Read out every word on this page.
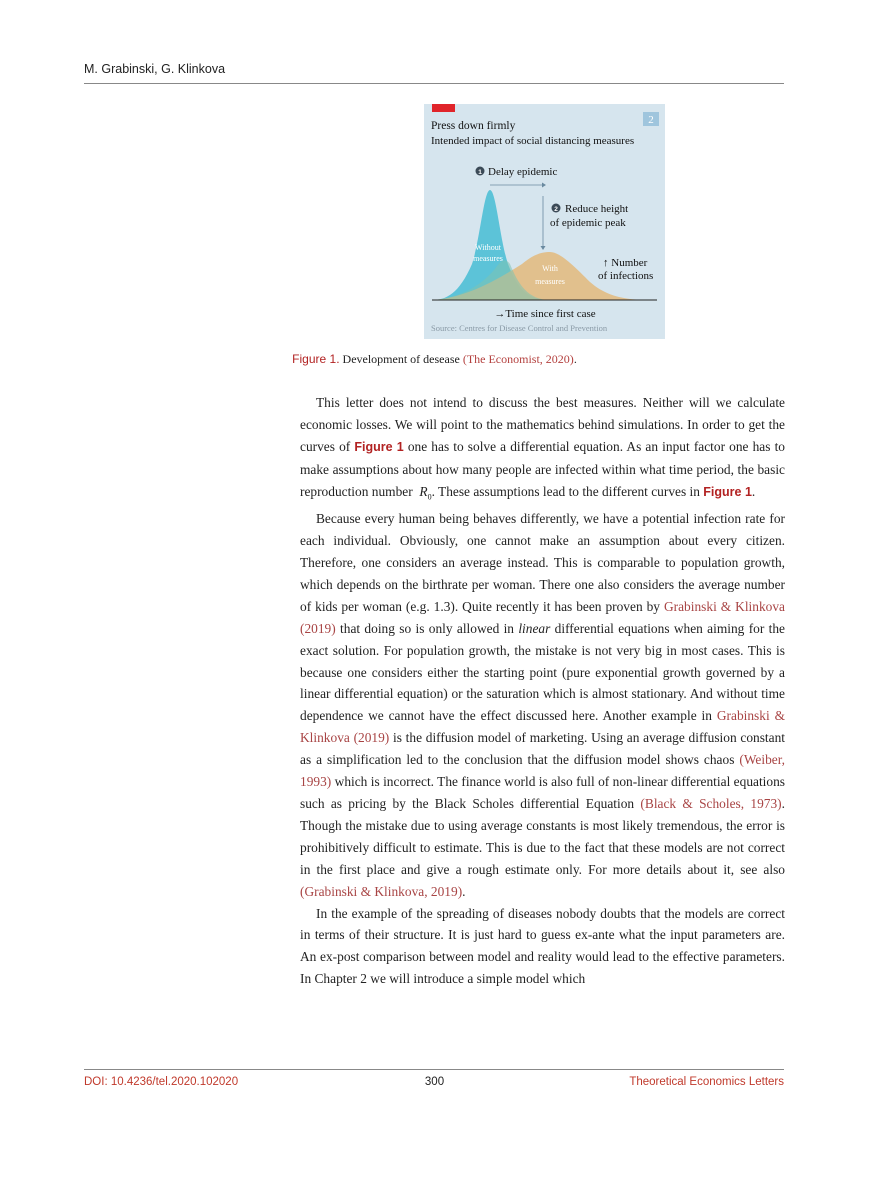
M. Grabinski, G. Klinkova
2
Press down firmly
Intended impact of social distancing measures
1 Delay epidemic
2 Reduce height
of epidemic peak
Without
measures
With
measures
↑ Number
of infections
→Time since first case
Source: Centres for Disease Control and Prevention
Figure 1. Development of desease (The Economist, 2020).

This letter does not intend to discuss the best measures. Neither will we calculate economic losses. We will point to the mathematics behind simulations. In order to get the curves of Figure 1 one has to solve a differential equation. As an input factor one has to make assumptions about how many people are infected within what time period, the basic reproduction number  $R_0$. These assumptions lead to the different curves in Figure 1.

Because every human being behaves differently, we have a potential infection rate for each individual. Obviously, one cannot make an assumption about every citizen. Therefore, one considers an average instead. This is comparable to population growth, which depends on the birthrate per woman. There one also considers the average number of kids per woman (e.g. 1.3). Quite recently it has been proven by Grabinski & Klinkova (2019) that doing so is only allowed in linear differential equations when aiming for the exact solution. For population growth, the mistake is not very big in most cases. This is because one considers either the starting point (pure exponential growth governed by a linear differential equation) or the saturation which is almost stationary. And without time dependence we cannot have the effect discussed here. Another example in Grabinski & Klinkova (2019) is the diffusion model of marketing. Using an average diffusion constant as a simplification led to the conclusion that the diffusion model shows chaos (Weiber, 1993) which is incorrect. The finance world is also full of non-linear differential equations such as pricing by the Black Scholes differential Equation (Black & Scholes, 1973). Though the mistake due to using average constants is most likely tremendous, the error is prohibitively difficult to estimate. This is due to the fact that these models are not correct in the first place and give a rough estimate only. For more details about it, see also (Grabinski & Klinkova, 2019).

In the example of the spreading of diseases nobody doubts that the models are correct in terms of their structure. It is just hard to guess ex-ante what the input parameters are. An ex-post comparison between model and reality would lead to the effective parameters. In Chapter 2 we will introduce a simple model which

DOI: 10.4236/tel.2020.102020	300	Theoretical Economics Letters
